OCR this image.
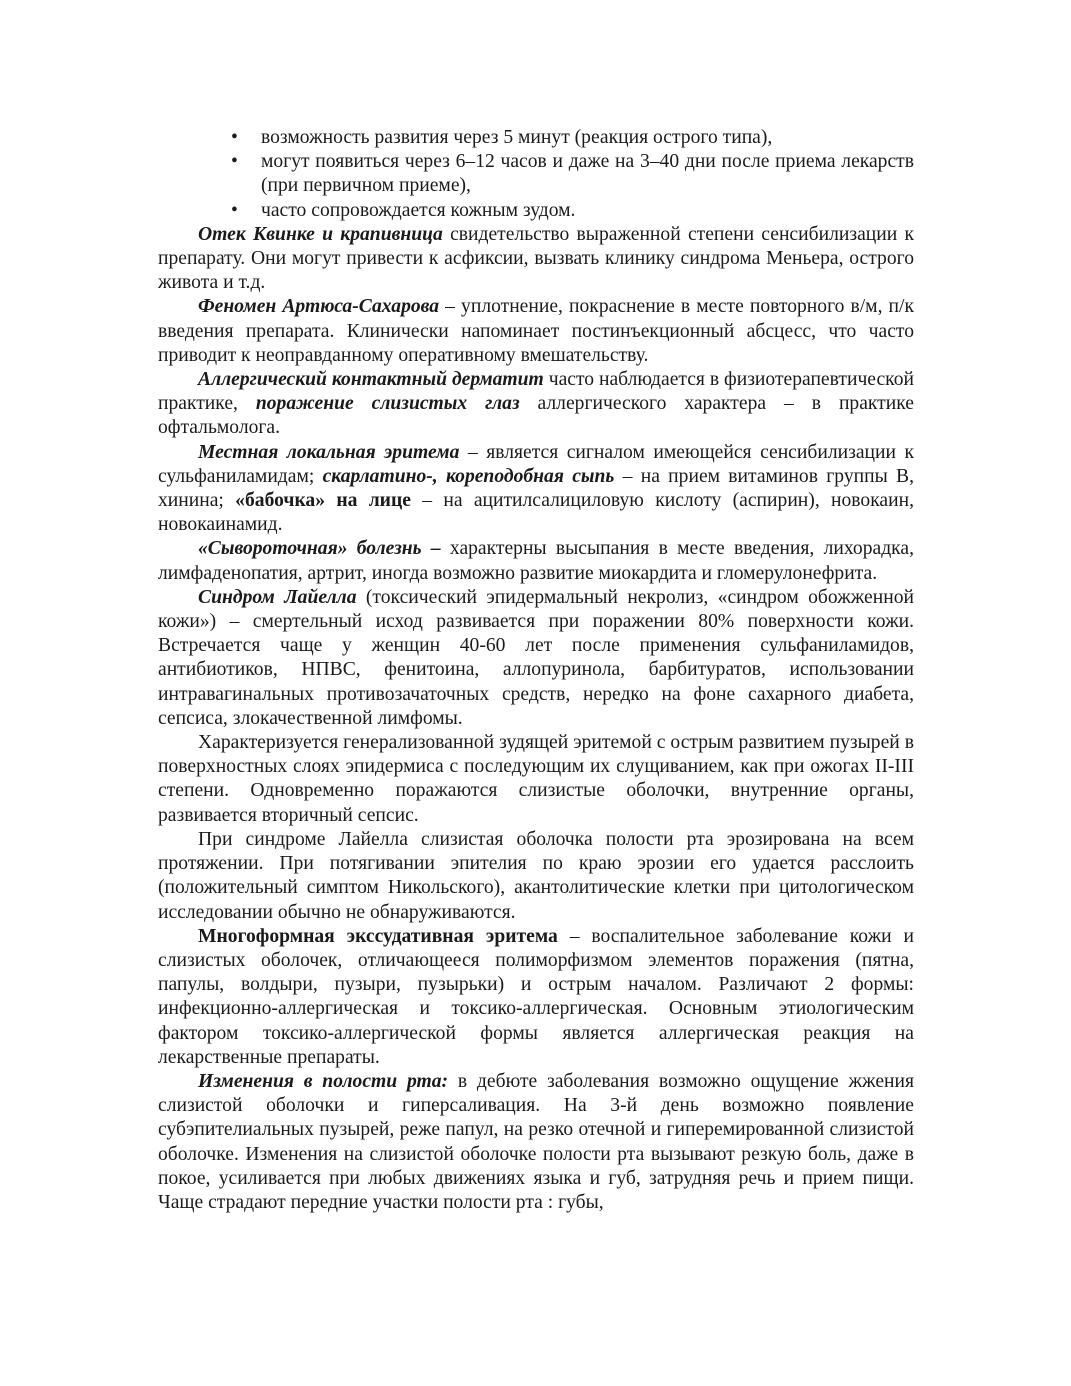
• возможность развития через 5 минут (реакция острого типа),
• могут появиться через 6–12 часов и даже на 3–40 дни после приема лекарств (при первичном приеме),
• часто сопровождается кожным зудом.

Отек Квинке и крапивница свидетельство выраженной степени сенсибилизации к препарату. Они могут привести к асфиксии, вызвать клинику синдрома Меньера, острого живота и т.д.

Феномен Артюса-Сахарова – уплотнение, покраснение в месте повторного в/м, п/к введения препарата. Клинически напоминает постинъекционный абсцесс, что часто приводит к неоправданному оперативному вмешательству.

Аллергический контактный дерматит часто наблюдается в физиотерапевтической практике, поражение слизистых глаз аллергического характера – в практике офтальмолога.

Местная локальная эритема – является сигналом имеющейся сенсибилизации к сульфаниламидам; скарлатино-, кореподобная сыпь – на прием витаминов группы В, хинина; «бабочка» на лице – на ацитилсалициловую кислоту (аспирин), новокаин, новокаинамид.

«Сывороточная» болезнь – характерны высыпания в месте введения, лихорадка, лимфаденопатия, артрит, иногда возможно развитие миокардита и гломерулонефрита.

Синдром Лайелла (токсический эпидермальный некролиз, «синдром обожженной кожи») – смертельный исход развивается при поражении 80% поверхности кожи. Встречается чаще у женщин 40-60 лет после применения сульфаниламидов, антибиотиков, НПВС, фенитоина, аллопуринола, барбитуратов, использовании интравагинальных противозачаточных средств, нередко на фоне сахарного диабета, сепсиса, злокачественной лимфомы.

Характеризуется генерализованной зудящей эритемой с острым развитием пузырей в поверхностных слоях эпидермиса с последующим их слущиванием, как при ожогах II-III степени. Одновременно поражаются слизистые оболочки, внутренние органы, развивается вторичный сепсис.

При синдроме Лайелла слизистая оболочка полости рта эрозирована на всем протяжении. При потягивании эпителия по краю эрозии его удается расслоить (положительный симптом Никольского), акантолитические клетки при цитологическом исследовании обычно не обнаруживаются.

Многоформная экссудативная эритема – воспалительное заболевание кожи и слизистых оболочек, отличающееся полиморфизмом элементов поражения (пятна, папулы, волдыри, пузыри, пузырьки) и острым началом. Различают 2 формы: инфекционно-аллергическая и токсико-аллергическая. Основным этиологическим фактором токсико-аллергической формы является аллергическая реакция на лекарственные препараты.

Изменения в полости рта: в дебюте заболевания возможно ощущение жжения слизистой оболочки и гиперсаливация. На 3-й день возможно появление субэпителиальных пузырей, реже папул, на резко отечной и гиперемированной слизистой оболочке. Изменения на слизистой оболочке полости рта вызывают резкую боль, даже в покое, усиливается при любых движениях языка и губ, затрудняя речь и прием пищи. Чаще страдают передние участки полости рта : губы,
